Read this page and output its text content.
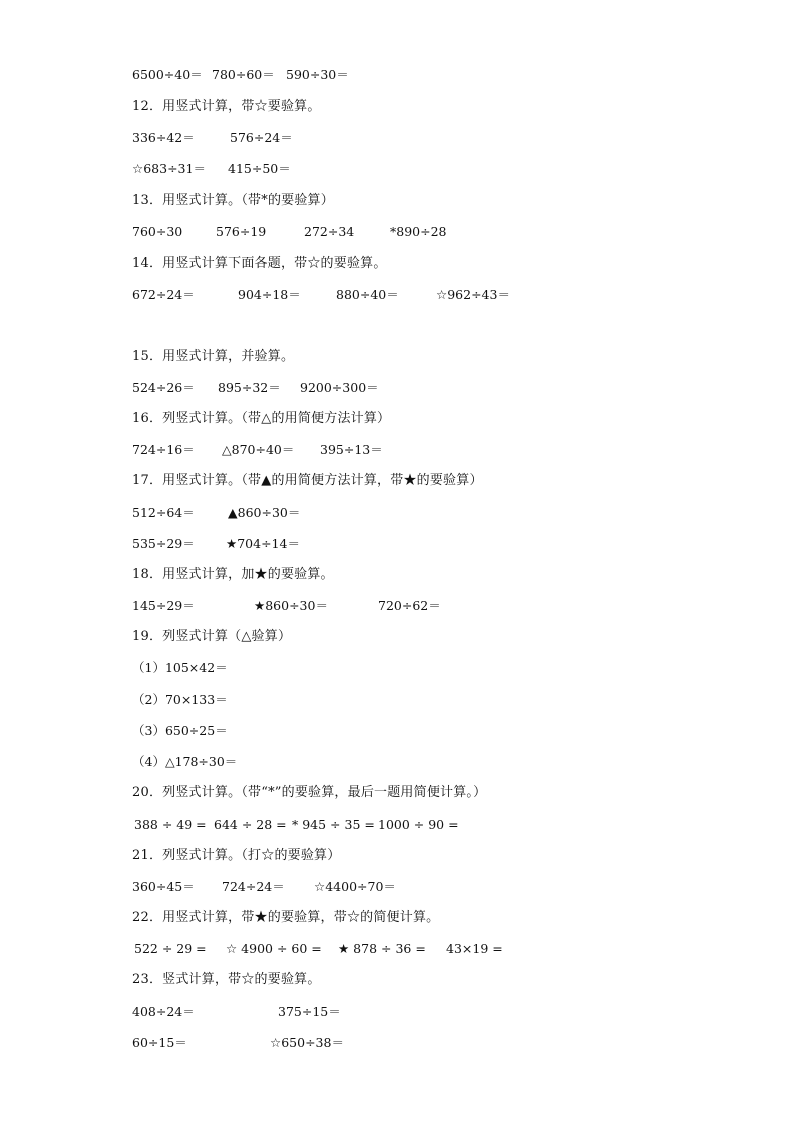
6500÷40＝ 780÷60＝ 590÷30＝
12．用竖式计算，带☆要验算。
336÷42＝	576÷24＝
☆683÷31＝ 415÷50＝
13．用竖式计算。（带*的要验算）
760÷30	576÷19	272÷34	*890÷28
14．用竖式计算下面各题，带☆的要验算。
672÷24＝	904÷18＝	880÷40＝	☆962÷43＝
15．用竖式计算，并验算。
524÷26＝ 895÷32＝ 9200÷300＝
16．列竖式计算。（带△的用简便方法计算）
724÷16＝ △870÷40＝ 395÷13＝
17．用竖式计算。（带▲的用简便方法计算，带★的要验算）
512÷64＝	▲860÷30＝
535÷29＝	★704÷14＝
18．用竖式计算，加★的要验算。
145÷29＝	★860÷30＝	720÷62＝
19．列竖式计算（△验算）
（1）105×42＝
（2）70×133＝
（3）650÷25＝
（4）△178÷30＝
20．列竖式计算。（带“*”的要验算，最后一题用简便计算。）
388 ÷ 49 = 644 ÷ 28 = * 945 ÷ 35 = 1000 ÷ 90 =
21．列竖式计算。（打☆的要验算）
360÷45＝ 724÷24＝ ☆4400÷70＝
22．用竖式计算，带★的要验算，带☆的简便计算。
522 ÷ 29 = ☆ 4900 ÷ 60 = ★ 878 ÷ 36 = 43×19 =
23．竖式计算，带☆的要验算。
408÷24＝	375÷15＝
60÷15＝	☆650÷38＝
